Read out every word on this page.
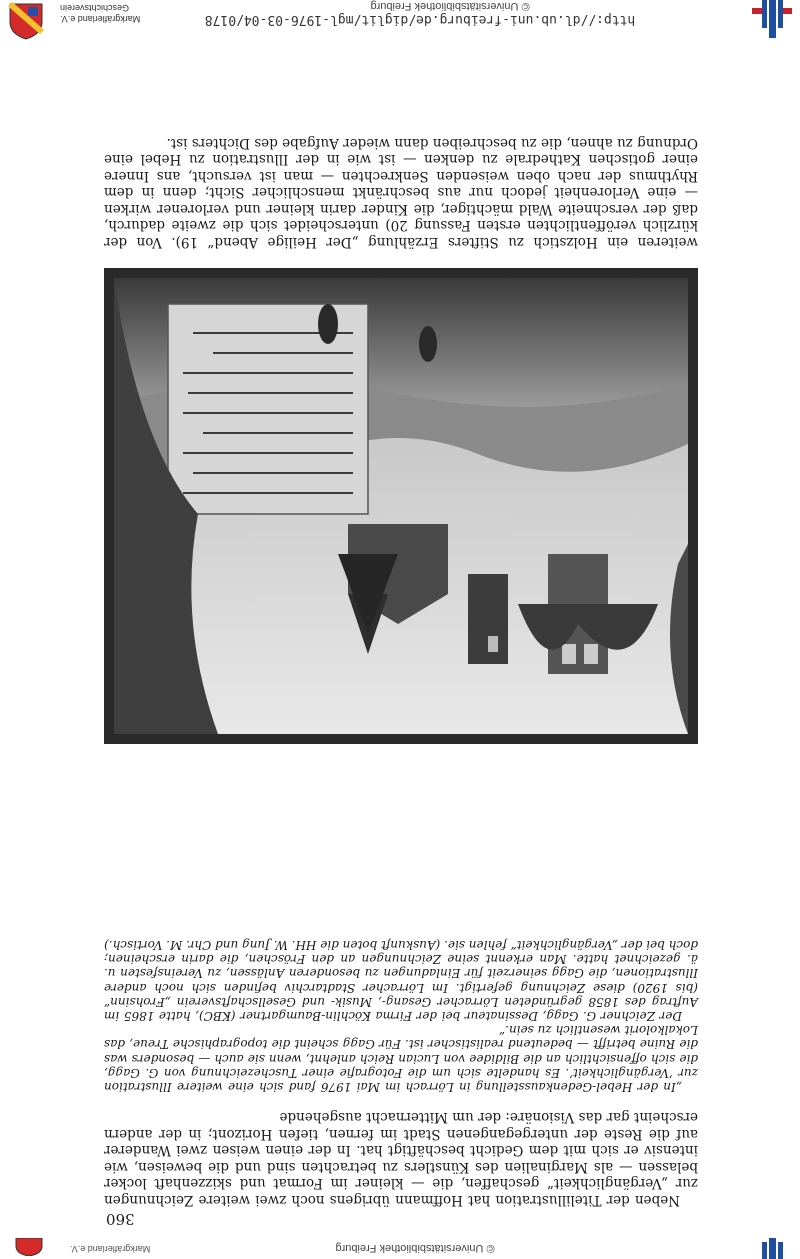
Markgräflerland e.V.
Geschichtsverein	© Universitätsbibliothek Freiburg
http://dl.ub.uni-freiburg.de/diglit/mgl-1976-03-04/0178
360

Neben der Titelillustration hat Hoffmann übrigens noch zwei weitere Zeichnungen zur „Vergänglichkeit“ geschaffen, die — kleiner im Format und skizzenhaft locker belassen — als Marginalien des Künstlers zu betrachten sind und die beweisen, wie intensiv er sich mit dem Gedicht beschäftigt hat. In der einen weisen zwei Wanderer auf die Reste der untergegangenen Stadt im fernen, tiefen Horizont; in der andern erscheint gar das Visionäre: der um Mitternacht ausgehende

„In der Hebel-Gedenkausstellung in Lörrach im Mai 1976 fand sich eine weitere Illustration zur ’Vergänglichkeit’. Es handelte sich um die Fotografie einer Tuschezeichnung von G. Gagg, die sich offensichtlich an die Bildidee von Lucian Reich anlehnt, wenn sie auch — besonders was die Ruine betrifft — bedeutend realistischer ist. Für Gagg scheint die topographische Treue, das Lokalkolorit wesentlich zu sein.“

Der Zeichner G. Gagg, Dessinateur bei der Firma Köchlin-Baumgartner (KBC), hatte 1865 im Auftrag des 1858 gegründeten Lörracher Gesang-, Musik- und Gesellschaftsverein „Frohsinn“ (bis 1920) diese Zeichnung gefertigt. Im Lörracher Stadtarchiv befinden sich noch andere Illustrationen, die Gagg seinerzeit für Einladungen zu besonderen Anlässen, zu Vereinsfesten u. ä. gezeichnet hatte. Man erkennt seine Zeichnungen an den Fröschen, die darin erscheinen; doch bei der „Vergänglichkeit“ fehlen sie. (Auskunft boten die HH. W. Jung und Chr. M. Vortisch.)

weiteren ein Holzstich zu Stifters Erzählung „Der Heilige Abend“ 19). Von der kürzlich veröffentlichten ersten Fassung 20) unterscheidet sich die zweite dadurch, daß der verschneite Wald mächtiger, die Kinder darin kleiner und verlorener wirken — eine Verlorenheit jedoch nur aus beschränkt menschlicher Sicht; denn in dem Rhythmus der nach oben weisenden Senkrechten — man ist versucht, ans Innere einer gotischen Kathedrale zu denken — ist wie in der Illustration zu Hebel eine Ordnung zu ahnen, die zu beschreiben dann wieder Aufgabe des Dichters ist.

Markgräflerland e.V.	© Universitätsbibliothek Freiburg
